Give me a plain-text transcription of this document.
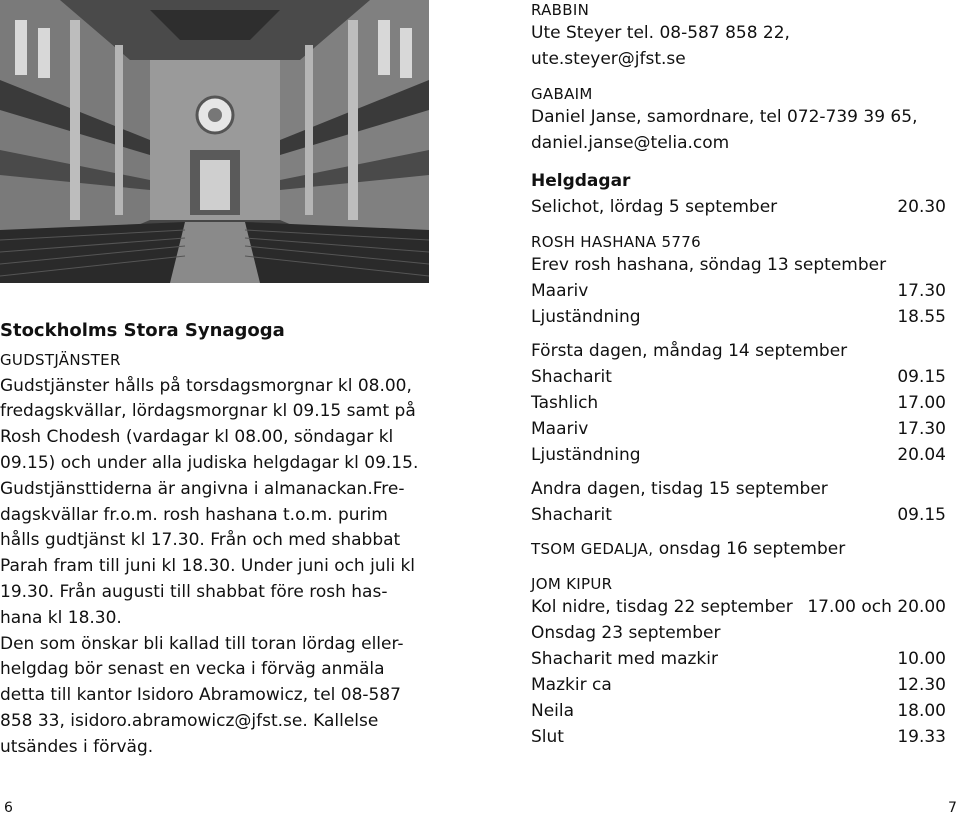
Stockholms Stora Synagoga

GUDSTJÄNSTER

Gudstjänster hålls på torsdagsmorgnar kl 08.00, fredagskvällar, lördagsmorgnar kl 09.15 samt på Rosh Chodesh (vardagar kl 08.00, söndagar kl 09.15) och under alla judiska helgdagar kl 09.15. Gudstjänsttiderna är angivna i almanackan.Fre-dagskvällar fr.o.m. rosh hashana t.o.m. purim hålls gudtjänst kl 17.30. Från och med shabbat Parah fram till juni kl 18.30. Under juni och juli kl 19.30. Från augusti till shabbat före rosh has-hana kl 18.30.

Den som önskar bli kallad till toran lördag eller-helgdag bör senast en vecka i förväg anmäla detta till kantor Isidoro Abramowicz, tel 08-587 858 33, isidoro.abramowicz@jfst.se. Kallelse utsändes i förväg.

RABBIN

Ute Steyer tel. 08-587 858 22, ute.steyer@jfst.se

GABAIM

Daniel Janse, samordnare, tel 072-739 39 65, daniel.janse@telia.com

Helgdagar

Selichot, lördag 5 september	20.30

ROSH HASHANA 5776

Erev rosh hashana, söndag 13 september

Maariv	17.30
Ljuständning	18.55

Första dagen, måndag 14 september

Shacharit	09.15
Tashlich	17.00
Maariv	17.30
Ljuständning	20.04

Andra dagen, tisdag 15 september

Shacharit	09.15

TSOM GEDALJA, onsdag 16 september

JOM KIPUR

Kol nidre, tisdag 22 september 17.00 och 20.00

Onsdag 23 september

Shacharit med mazkir	10.00
Mazkir ca	12.30
Neila	18.00
Slut	19.33
6	7
